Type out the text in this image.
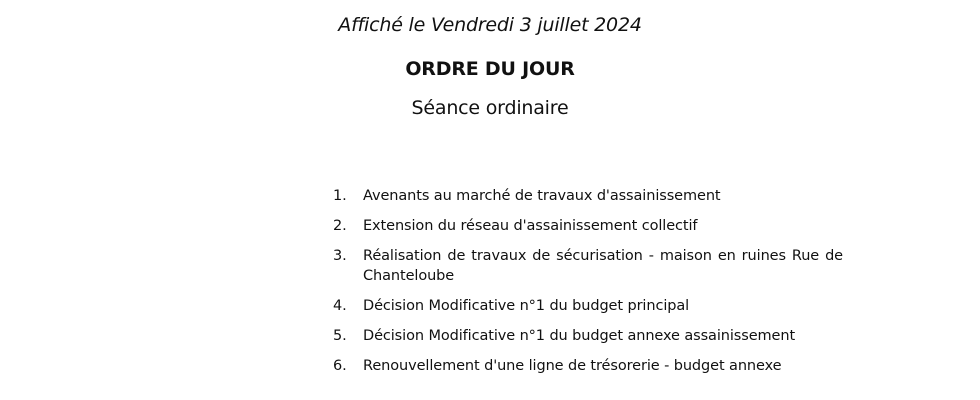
Affiché le Vendredi 3 juillet 2024
ORDRE DU JOUR
Séance ordinaire
1.	Avenants au marché de travaux d'assainissement
2.	Extension du réseau d'assainissement collectif
3.	Réalisation de travaux de sécurisation - maison en ruines Rue de Chanteloube
4.	Décision Modificative n°1 du budget principal
5.	Décision Modificative n°1 du budget annexe assainissement
6.	Renouvellement d'une ligne de trésorerie - budget annexe
